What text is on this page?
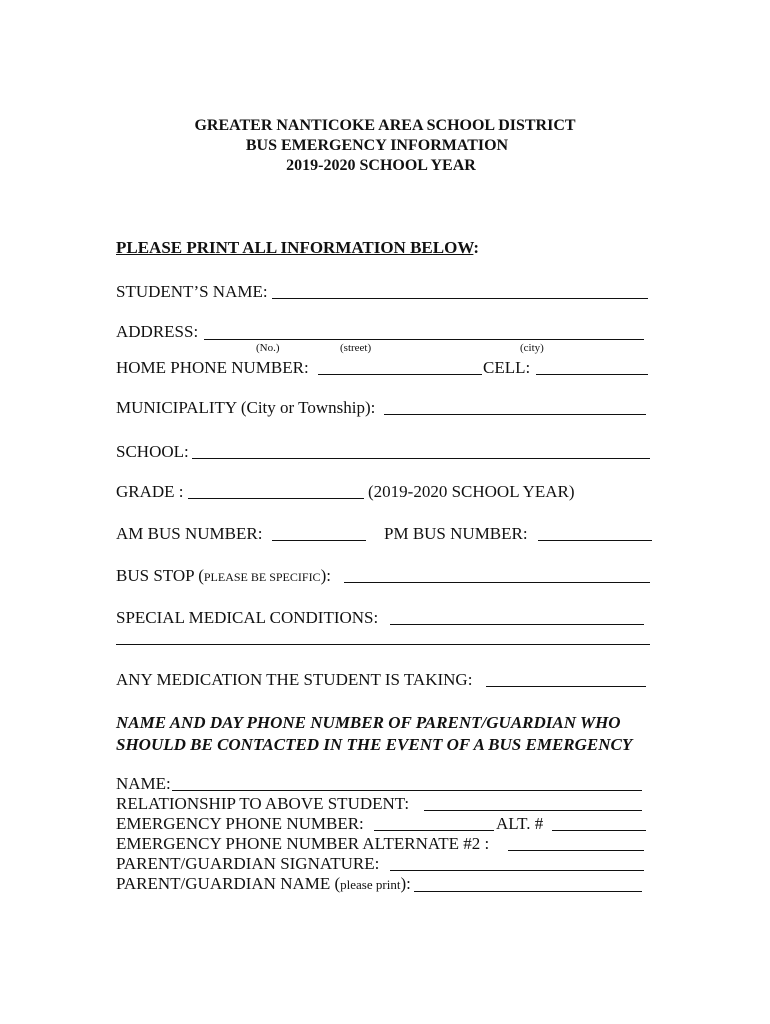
GREATER NANTICOKE AREA SCHOOL DISTRICT
BUS EMERGENCY INFORMATION
2019-2020 SCHOOL YEAR
PLEASE PRINT ALL INFORMATION BELOW:
STUDENT’S NAME:
ADDRESS:
(No.)	(street)	(city)
HOME PHONE NUMBER:	CELL:
MUNICIPALITY (City or Township):
SCHOOL:
GRADE :	(2019-2020 SCHOOL YEAR)
AM BUS NUMBER:	PM BUS NUMBER:
BUS STOP (PLEASE BE SPECIFIC):
SPECIAL MEDICAL CONDITIONS:
ANY MEDICATION THE STUDENT IS TAKING:
NAME AND DAY PHONE NUMBER OF PARENT/GUARDIAN WHO
SHOULD BE CONTACTED IN THE EVENT OF A BUS EMERGENCY
NAME:
RELATIONSHIP TO ABOVE STUDENT:
EMERGENCY PHONE NUMBER:	ALT. #
EMERGENCY PHONE NUMBER ALTERNATE #2 :
PARENT/GUARDIAN SIGNATURE:
PARENT/GUARDIAN NAME (please print):
